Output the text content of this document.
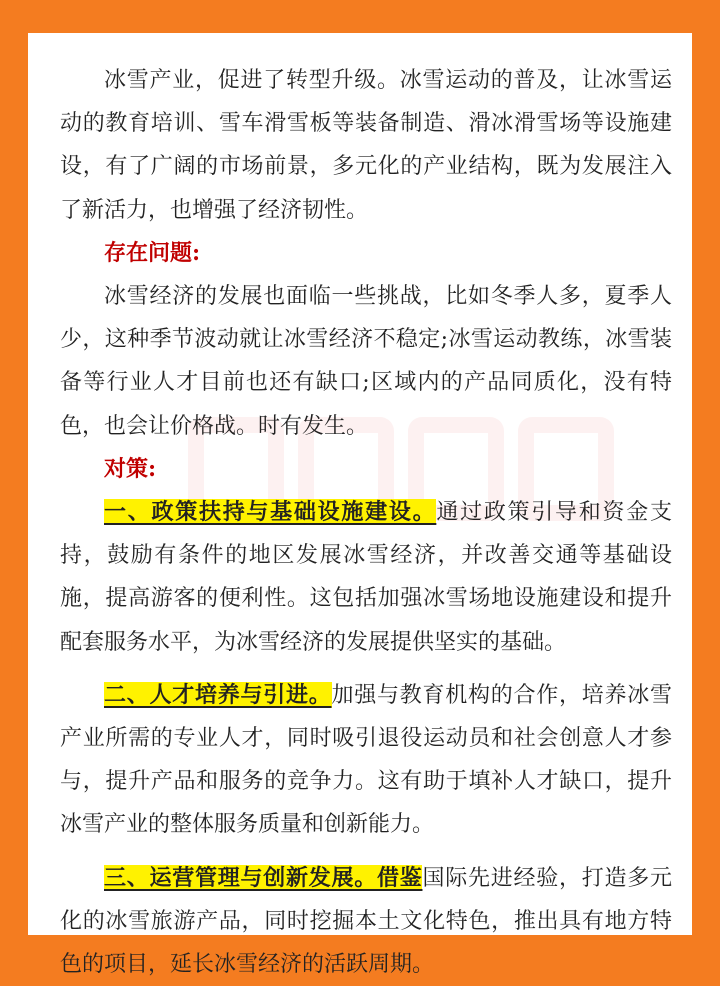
冰雪产业，促进了转型升级。冰雪运动的普及，让冰雪运动的教育培训、雪车滑雪板等装备制造、滑冰滑雪场等设施建设，有了广阔的市场前景，多元化的产业结构，既为发展注入了新活力，也增强了经济韧性。

存在问题:

冰雪经济的发展也面临一些挑战，比如冬季人多，夏季人少，这种季节波动就让冰雪经济不稳定;冰雪运动教练，冰雪装备等行业人才目前也还有缺口;区域内的产品同质化，没有特色，也会让价格战。时有发生。

对策:

一、政策扶持与基础设施建设。通过政策引导和资金支持，鼓励有条件的地区发展冰雪经济，并改善交通等基础设施，提高游客的便利性。这包括加强冰雪场地设施建设和提升配套服务水平，为冰雪经济的发展提供坚实的基础。

二、人才培养与引进。加强与教育机构的合作，培养冰雪产业所需的专业人才，同时吸引退役运动员和社会创意人才参与，提升产品和服务的竞争力。这有助于填补人才缺口，提升冰雪产业的整体服务质量和创新能力。

三、运营管理与创新发展。借鉴国际先进经验，打造多元化的冰雪旅游产品，同时挖掘本土文化特色，推出具有地方特色的项目，延长冰雪经济的活跃周期。
